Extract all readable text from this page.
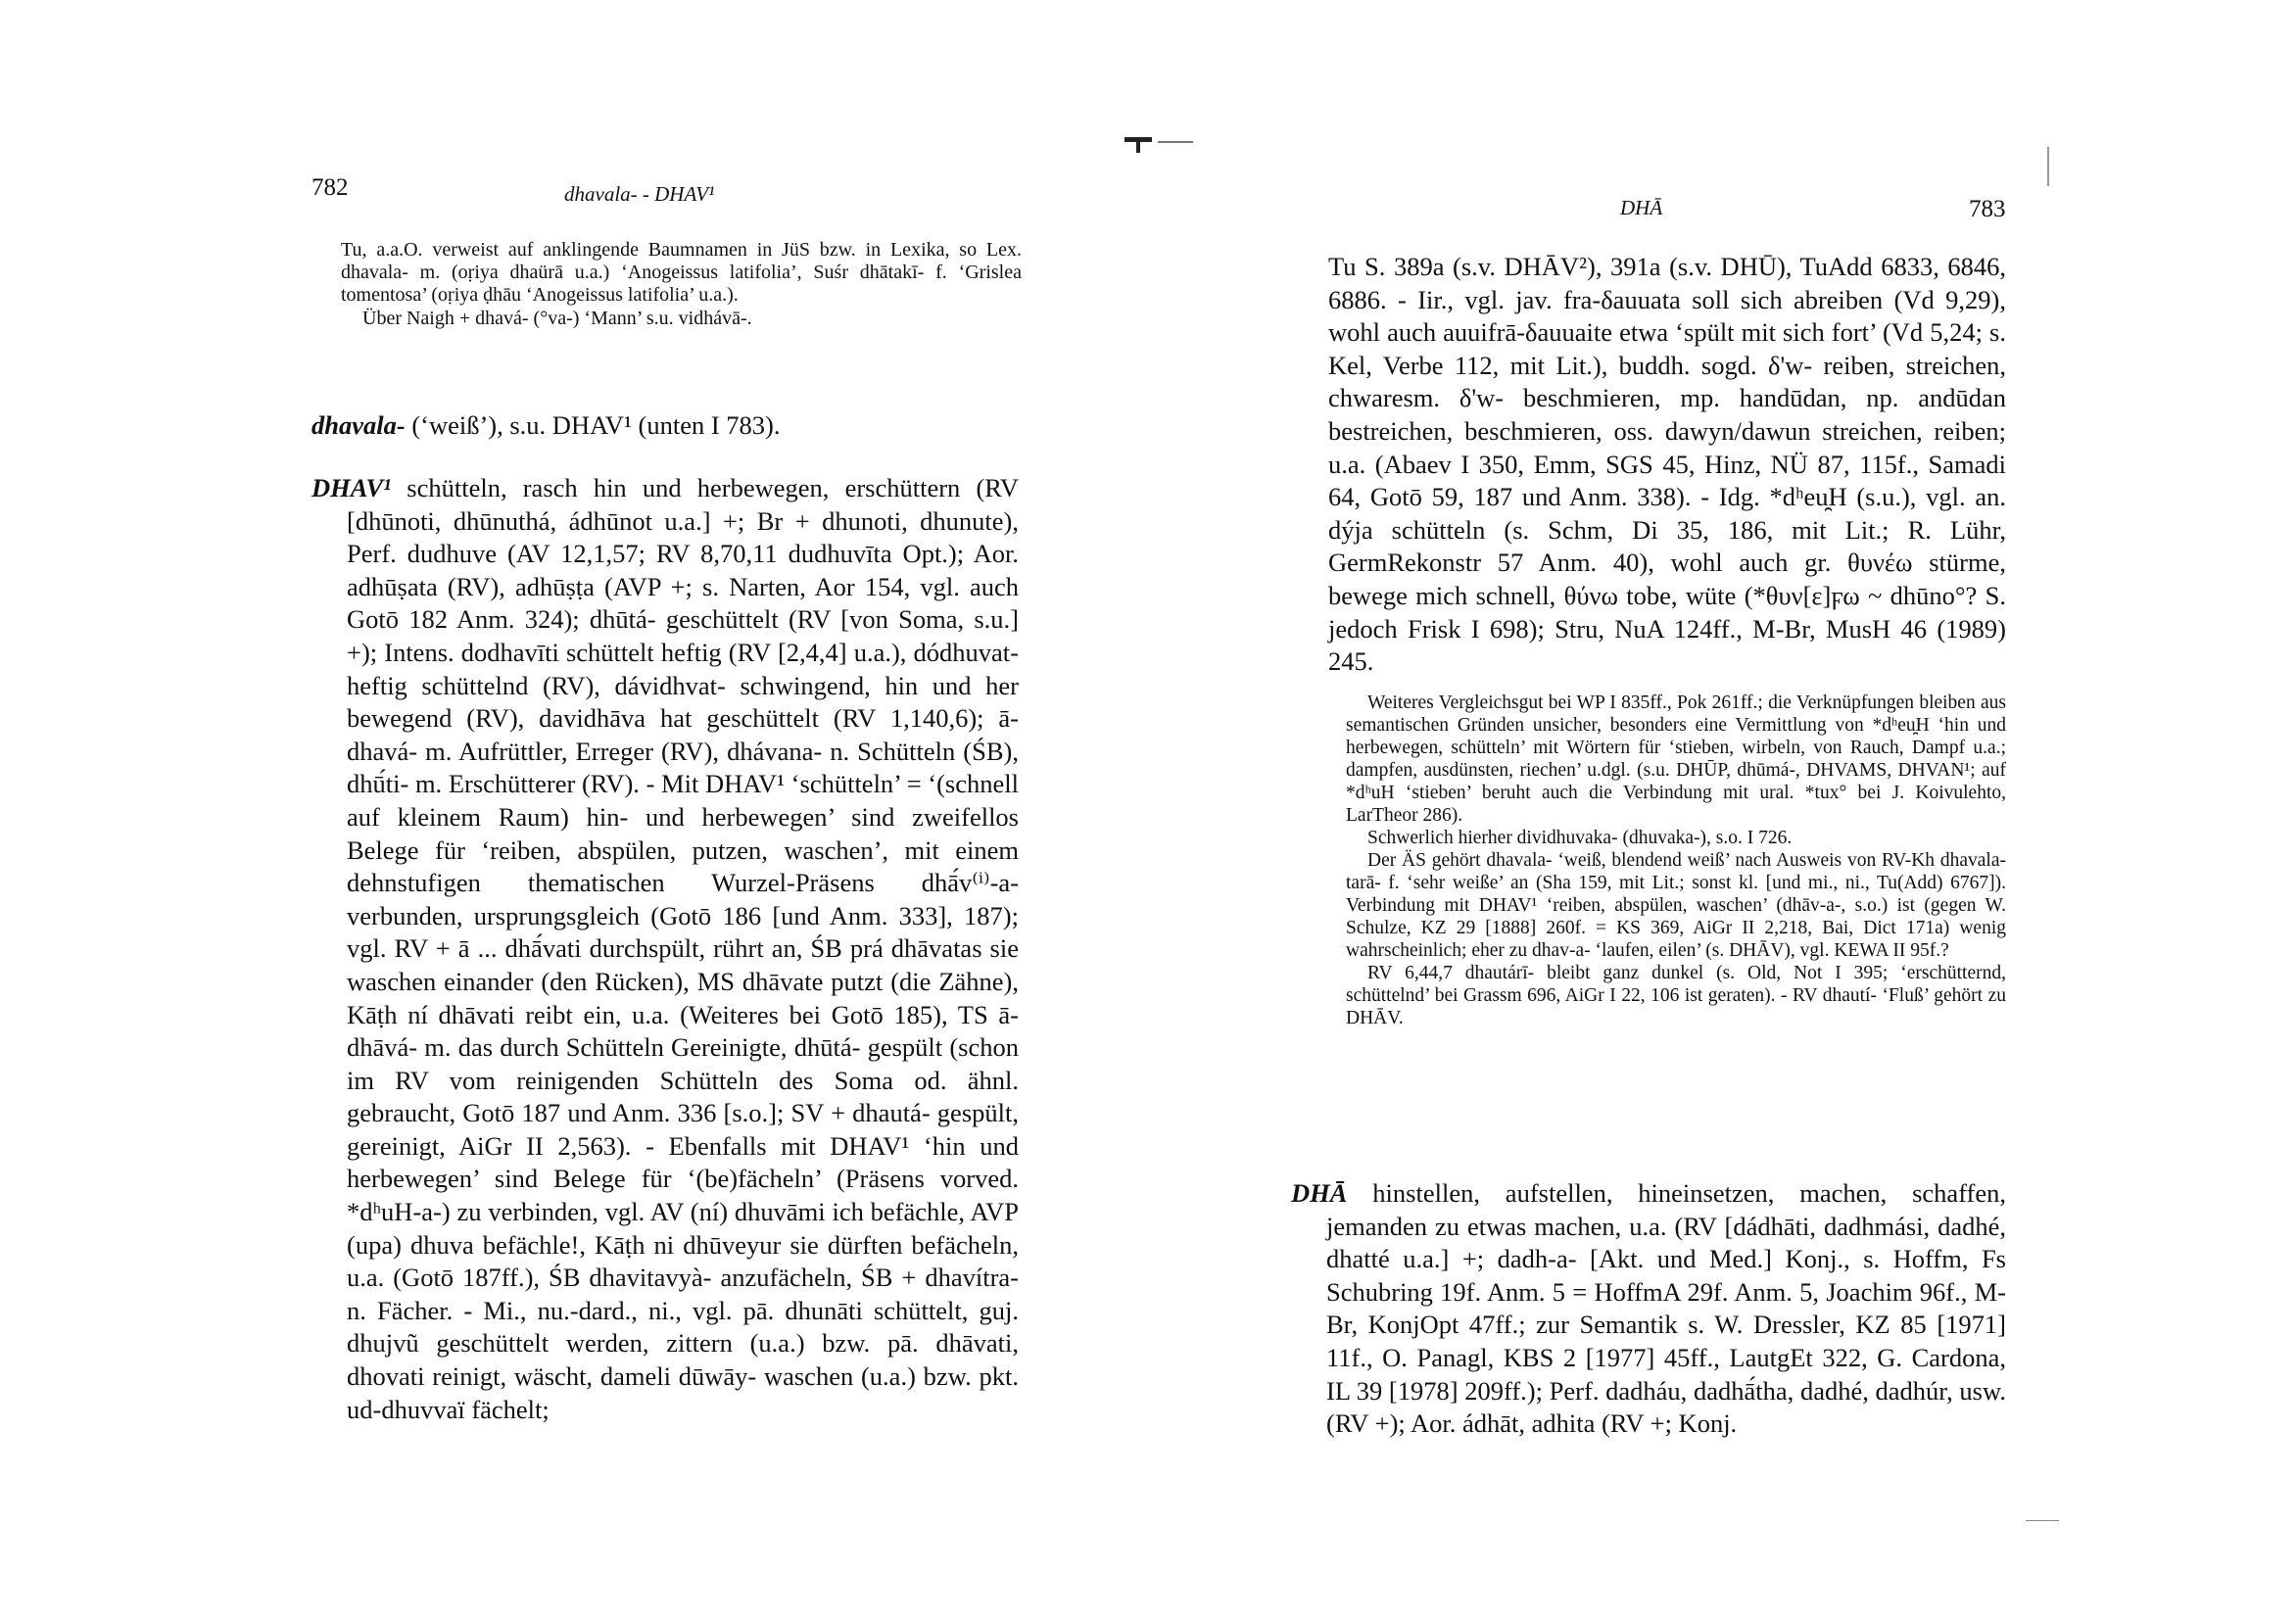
782	dhavala- - DHAV¹

Tu, a.a.O. verweist auf anklingende Baumnamen in JüS bzw. in Lexika, so Lex. dhavala- m. (oṛiya dhaürā u.a.) ‘Anogeissus latifolia’, Suśr dhātakī- f. ‘Grislea tomentosa’ (oṛiya ḍhāu ‘Anogeissus latifolia’ u.a.).

Über Naigh + dhavá- (°va-) ‘Mann’ s.u. vidhávā-.

dhavala- (‘weiß’), s.u. DHAV¹ (unten I 783).

DHAV¹ schütteln, rasch hin und herbewegen, erschüttern (RV [dhūnoti, dhūnuthá, ádhūnot u.a.] +; Br + dhunoti, dhunute), Perf. dudhuve (AV 12,1,57; RV 8,70,11 dudhuvīta Opt.); Aor. adhūṣata (RV), adhūṣṭa (AVP +; s. Narten, Aor 154, vgl. auch Gotō 182 Anm. 324); dhūtá- geschüttelt (RV [von Soma, s.u.] +); Intens. dodhavīti schüttelt heftig (RV [2,4,4] u.a.), dódhuvat- heftig schüttelnd (RV), dávidhvat- schwingend, hin und her bewegend (RV), davidhāva hat geschüttelt (RV 1,140,6); ā-dhavá- m. Aufrüttler, Erreger (RV), dhávana- n. Schütteln (ŚB), dhū́ti- m. Erschütterer (RV). - Mit DHAV¹ ‘schütteln’ = ‘(schnell auf kleinem Raum) hin- und herbewegen’ sind zweifellos Belege für ‘reiben, abspülen, putzen, waschen’, mit einem dehnstufigen thematischen Wurzel-Präsens dhā́v⁽ⁱ⁾-a- verbunden, ursprungsgleich (Gotō 186 [und Anm. 333], 187); vgl. RV + ā ... dhā́vati durchspült, rührt an, ŚB prá dhāvatas sie waschen einander (den Rücken), MS dhāvate putzt (die Zähne), Kāṭh ní dhāvati reibt ein, u.a. (Weiteres bei Gotō 185), TS ā-dhāvá- m. das durch Schütteln Gereinigte, dhūtá- gespült (schon im RV vom reinigenden Schütteln des Soma od. ähnl. gebraucht, Gotō 187 und Anm. 336 [s.o.]; SV + dhautá- gespült, gereinigt, AiGr II 2,563). - Ebenfalls mit DHAV¹ ‘hin und herbewegen’ sind Belege für ‘(be)fächeln’ (Präsens vorved. *dʰuH-a-) zu verbinden, vgl. AV (ní) dhuvāmi ich befächle, AVP (upa) dhuva befächle!, Kāṭh ni dhūveyur sie dürften befächeln, u.a. (Gotō 187ff.), ŚB dhavitavyà- anzufächeln, ŚB + dhavítra- n. Fächer. - Mi., nu.-dard., ni., vgl. pā. dhunāti schüttelt, guj. dhujvũ geschüttelt werden, zittern (u.a.) bzw. pā. dhāvati, dhovati reinigt, wäscht, dameli dūwāy- waschen (u.a.) bzw. pkt. ud-dhuvvaï fächelt;

DHĀ	783

Tu S. 389a (s.v. DHĀV²), 391a (s.v. DHŪ), TuAdd 6833, 6846, 6886. - Iir., vgl. jav. fra-δauuata soll sich abreiben (Vd 9,29), wohl auch auuifrā-δauuaite etwa ‘spült mit sich fort’ (Vd 5,24; s. Kel, Verbe 112, mit Lit.), buddh. sogd. δ'w- reiben, streichen, chwaresm. δ'w- beschmieren, mp. handūdan, np. andūdan bestreichen, beschmieren, oss. dawyn/dawun streichen, reiben; u.a. (Abaev I 350, Emm, SGS 45, Hinz, NÜ 87, 115f., Samadi 64, Gotō 59, 187 und Anm. 338). - Idg. *dʰeu̯H (s.u.), vgl. an. dýja schütteln (s. Schm, Di 35, 186, mit Lit.; R. Lühr, GermRekonstr 57 Anm. 40), wohl auch gr. θυνέω stürme, bewege mich schnell, θύνω tobe, wüte (*θυν[ε]ϝω ~ dhūno°? S. jedoch Frisk I 698); Stru, NuA 124ff., M-Br, MusH 46 (1989) 245.

Weiteres Vergleichsgut bei WP I 835ff., Pok 261ff.; die Verknüpfungen bleiben aus semantischen Gründen unsicher, besonders eine Vermittlung von *dʰeu̯H ‘hin und herbewegen, schütteln’ mit Wörtern für ‘stieben, wirbeln, von Rauch, Dampf u.a.; dampfen, ausdünsten, riechen’ u.dgl. (s.u. DHŪP, dhūmá-, DHVAMS, DHVAN¹; auf *dʰuH ‘stieben’ beruht auch die Verbindung mit ural. *tux° bei J. Koivulehto, LarTheor 286).

Schwerlich hierher dividhuvaka- (dhuvaka-), s.o. I 726.

Der ÄS gehört dhavala- ‘weiß, blendend weiß’ nach Ausweis von RV-Kh dhavala-tarā- f. ‘sehr weiße’ an (Sha 159, mit Lit.; sonst kl. [und mi., ni., Tu(Add) 6767]). Verbindung mit DHAV¹ ‘reiben, abspülen, waschen’ (dhāv-a-, s.o.) ist (gegen W. Schulze, KZ 29 [1888] 260f. = KS 369, AiGr II 2,218, Bai, Dict 171a) wenig wahrscheinlich; eher zu dhav-a- ‘laufen, eilen’ (s. DHĀV), vgl. KEWA II 95f.?

RV 6,44,7 dhautárī- bleibt ganz dunkel (s. Old, Not I 395; ‘erschütternd, schüttelnd’ bei Grassm 696, AiGr I 22, 106 ist geraten). - RV dhautí- ‘Fluß’ gehört zu DHĀV.

DHĀ hinstellen, aufstellen, hineinsetzen, machen, schaffen, jemanden zu etwas machen, u.a. (RV [dádhāti, dadhmási, dadhé, dhatté u.a.] +; dadh-a- [Akt. und Med.] Konj., s. Hoffm, Fs Schubring 19f. Anm. 5 = HoffmA 29f. Anm. 5, Joachim 96f., M-Br, KonjOpt 47ff.; zur Semantik s. W. Dressler, KZ 85 [1971] 11f., O. Panagl, KBS 2 [1977] 45ff., LautgEt 322, G. Cardona, IL 39 [1978] 209ff.); Perf. dadháu, dadhā́tha, dadhé, dadhúr, usw. (RV +); Aor. ádhāt, adhita (RV +; Konj.
